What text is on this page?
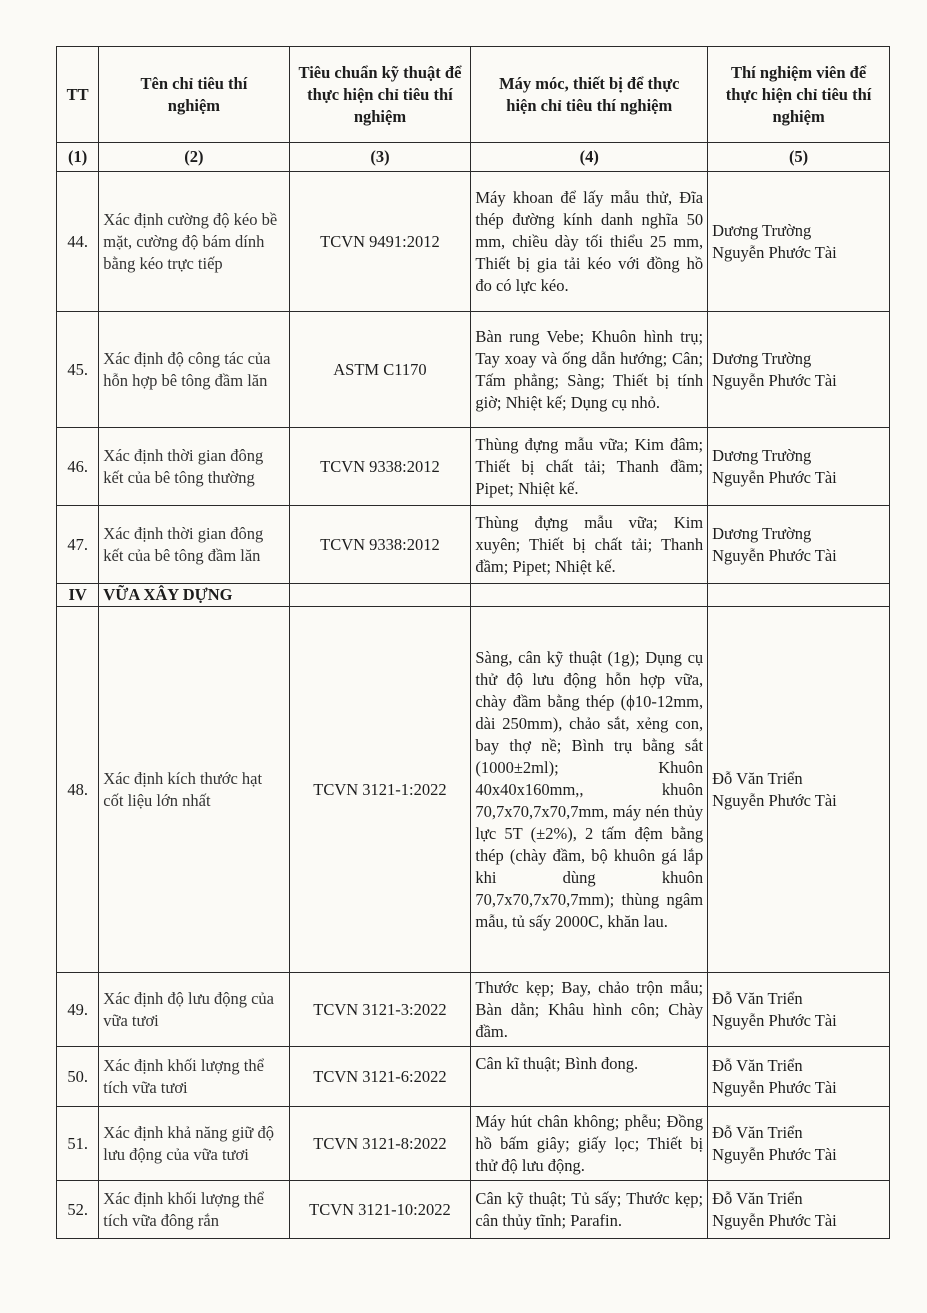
TT	Tên chỉ tiêu thí nghiệm	Tiêu chuẩn kỹ thuật để thực hiện chỉ tiêu thí nghiệm	Máy móc, thiết bị để thực hiện chỉ tiêu thí nghiệm	Thí nghiệm viên để thực hiện chỉ tiêu thí nghiệm
(1)	(2)	(3)	(4)	(5)
44.	Xác định cường độ kéo bề mặt, cường độ bám dính bằng kéo trực tiếp	TCVN 9491:2012	Máy khoan để lấy mẫu thử, Đĩa thép đường kính danh nghĩa 50 mm, chiều dày tối thiểu 25 mm, Thiết bị gia tải kéo với đồng hồ đo có lực kéo.	Dương Trường
Nguyễn Phước Tài

45.	Xác định độ công tác của hỗn hợp bê tông đầm lăn	ASTM C1170	Bàn rung Vebe; Khuôn hình trụ; Tay xoay và ống dẫn hướng; Cân; Tấm phẳng; Sàng; Thiết bị tính giờ; Nhiệt kế; Dụng cụ nhỏ.	Dương Trường
Nguyễn Phước Tài

46.	Xác định thời gian đông kết của bê tông thường	TCVN 9338:2012	Thùng đựng mẫu vữa; Kim đâm; Thiết bị chất tải; Thanh đầm; Pipet; Nhiệt kế.	Dương Trường
Nguyễn Phước Tài

47.	Xác định thời gian đông kết của bê tông đầm lăn	TCVN 9338:2012	Thùng đựng mẫu vữa; Kim xuyên; Thiết bị chất tải; Thanh đầm; Pipet; Nhiệt kế.	Dương Trường
Nguyễn Phước Tài

IV	VỮA XÂY DỰNG			
48.	Xác định kích thước hạt cốt liệu lớn nhất	TCVN 3121-1:2022	Sàng, cân kỹ thuật (1g); Dụng cụ thử độ lưu động hỗn hợp vữa, chày đầm bằng thép (ϕ10-12mm, dài 250mm), chảo sắt, xẻng con, bay thợ nề; Bình trụ bằng sắt (1000±2ml); Khuôn 40x40x160mm,, khuôn 70,7x70,7x70,7mm, máy nén thủy lực 5T (±2%), 2 tấm đệm bằng thép (chày đầm, bộ khuôn gá lắp khi dùng khuôn 70,7x70,7x70,7mm); thùng ngâm mẫu, tủ sấy 2000C, khăn lau.	Đỗ Văn Triển
Nguyễn Phước Tài

49.	Xác định độ lưu động của vữa tươi	TCVN 3121-3:2022	Thước kẹp; Bay, chảo trộn mẫu; Bàn dằn; Khâu hình côn; Chày đầm.	Đỗ Văn Triển
Nguyễn Phước Tài

50.	Xác định khối lượng thể tích vữa tươi	TCVN 3121-6:2022	Cân kĩ thuật; Bình đong.	Đỗ Văn Triển
Nguyễn Phước Tài

51.	Xác định khả năng giữ độ lưu động của vữa tươi	TCVN 3121-8:2022	Máy hút chân không; phễu; Đồng hồ bấm giây; giấy lọc; Thiết bị thử độ lưu động.	Đỗ Văn Triển
Nguyễn Phước Tài

52.	Xác định khối lượng thể tích vữa đông rắn	TCVN 3121-10:2022	Cân kỹ thuật; Tủ sấy; Thước kẹp; cân thủy tĩnh; Parafin.	Đỗ Văn Triển
Nguyễn Phước Tài
